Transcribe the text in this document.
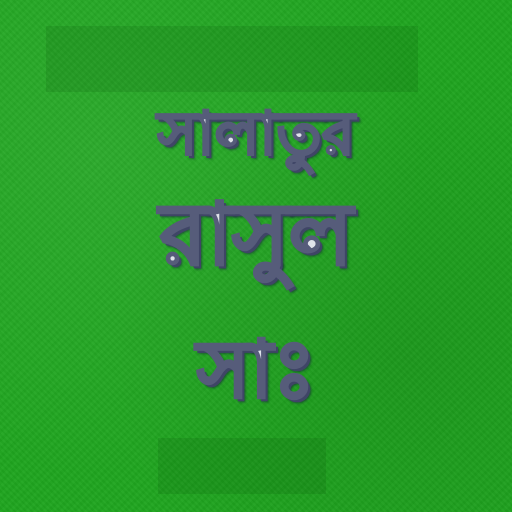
সালাতুর
রাসুল
সাঃ
